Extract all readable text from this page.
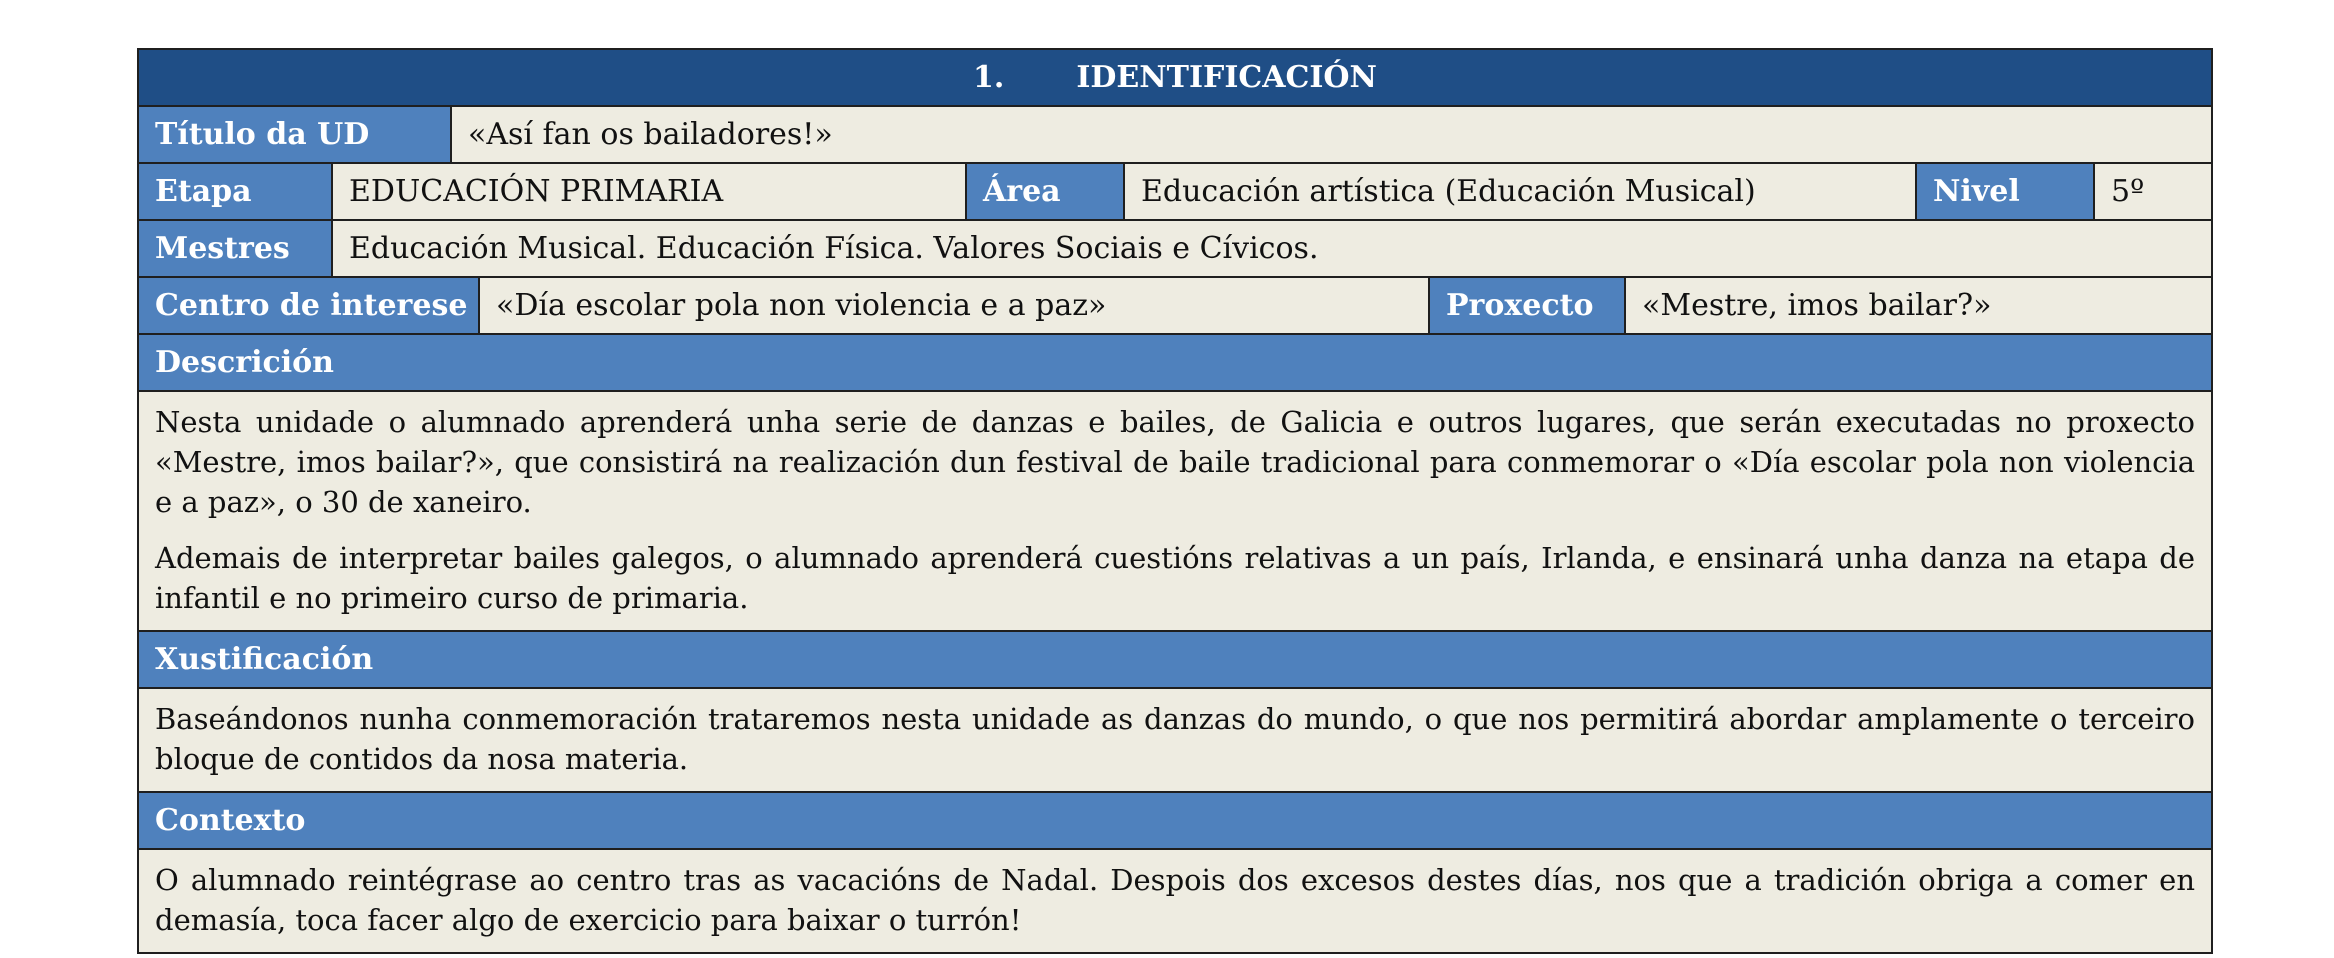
1. IDENTIFICACIÓN
Título da UD	«Así fan os bailadores!»
Etapa	EDUCACIÓN PRIMARIA	Área	Educación artística (Educación Musical)	Nivel	5º
Mestres	Educación Musical. Educación Física. Valores Sociais e Cívicos.
Centro de interese «Día escolar pola non violencia e a paz»	Proxecto	«Mestre, imos bailar?»
Descrición

Nesta unidade o alumnado aprenderá unha serie de danzas e bailes, de Galicia e outros lugares, que serán executadas no proxecto «Mestre, imos bailar?», que consistirá na realización dun festival de baile tradicional para conmemorar o «Día escolar pola non violencia e a paz», o 30 de xaneiro.

Ademais de interpretar bailes galegos, o alumnado aprenderá cuestións relativas a un país, Irlanda, e ensinará unha danza na etapa de infantil e no primeiro curso de primaria.

Xustificación

Baseándonos nunha conmemoración trataremos nesta unidade as danzas do mundo, o que nos permitirá abordar amplamente o terceiro bloque de contidos da nosa materia.

Contexto

O alumnado reintégrase ao centro tras as vacacións de Nadal. Despois dos excesos destes días, nos que a tradición obriga a comer en demasía, toca facer algo de exercicio para baixar o turrón!
